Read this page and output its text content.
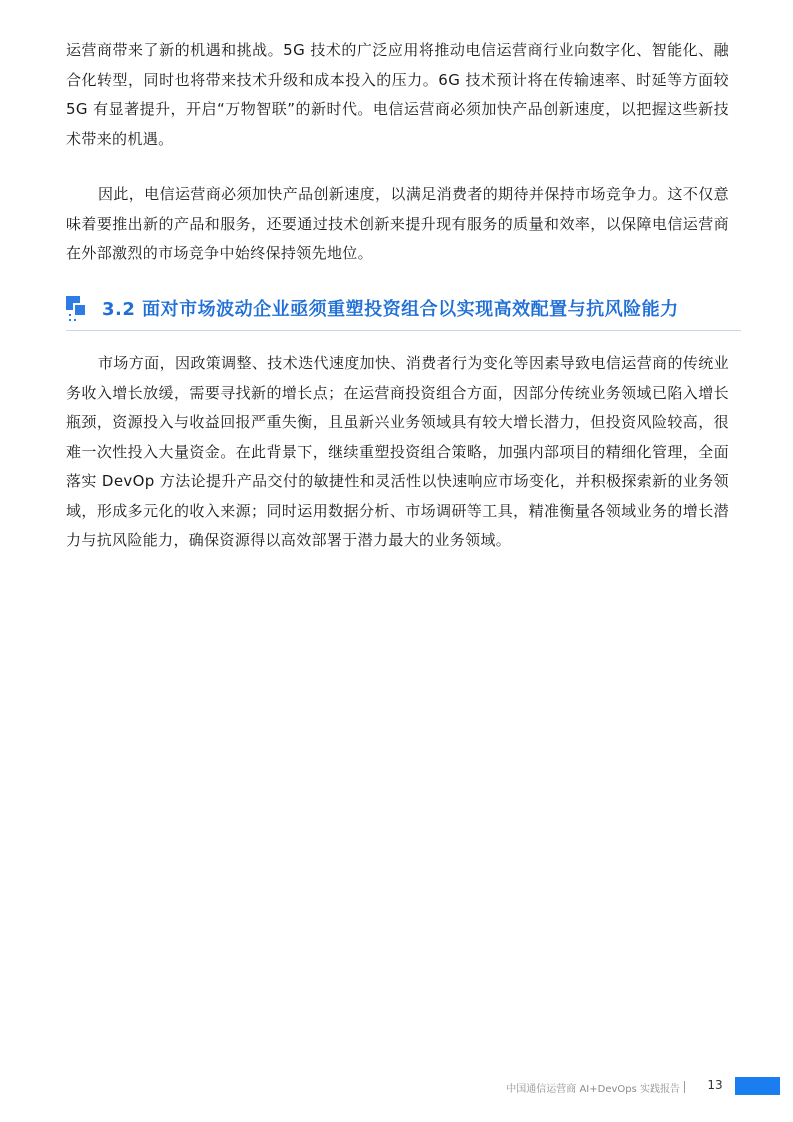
运营商带来了新的机遇和挑战。5G 技术的广泛应用将推动电信运营商行业向数字化、智能化、融合化转型，同时也将带来技术升级和成本投入的压力。6G 技术预计将在传输速率、时延等方面较 5G 有显著提升，开启“万物智联”的新时代。电信运营商必须加快产品创新速度，以把握这些新技术带来的机遇。

因此，电信运营商必须加快产品创新速度，以满足消费者的期待并保持市场竞争力。这不仅意味着要推出新的产品和服务，还要通过技术创新来提升现有服务的质量和效率，以保障电信运营商在外部激烈的市场竞争中始终保持领先地位。

3.2 面对市场波动企业亟须重塑投资组合以实现高效配置与抗风险能力

市场方面，因政策调整、技术迭代速度加快、消费者行为变化等因素导致电信运营商的传统业务收入增长放缓，需要寻找新的增长点；在运营商投资组合方面，因部分传统业务领域已陷入增长瓶颈，资源投入与收益回报严重失衡，且虽新兴业务领域具有较大增长潜力，但投资风险较高，很难一次性投入大量资金。在此背景下，继续重塑投资组合策略，加强内部项目的精细化管理，全面落实 DevOp 方法论提升产品交付的敏捷性和灵活性以快速响应市场变化，并积极探索新的业务领域，形成多元化的收入来源；同时运用数据分析、市场调研等工具，精准衡量各领域业务的增长潜力与抗风险能力，确保资源得以高效部署于潜力最大的业务领域。

中国通信运营商 AI+DevOps 实践报告	13
